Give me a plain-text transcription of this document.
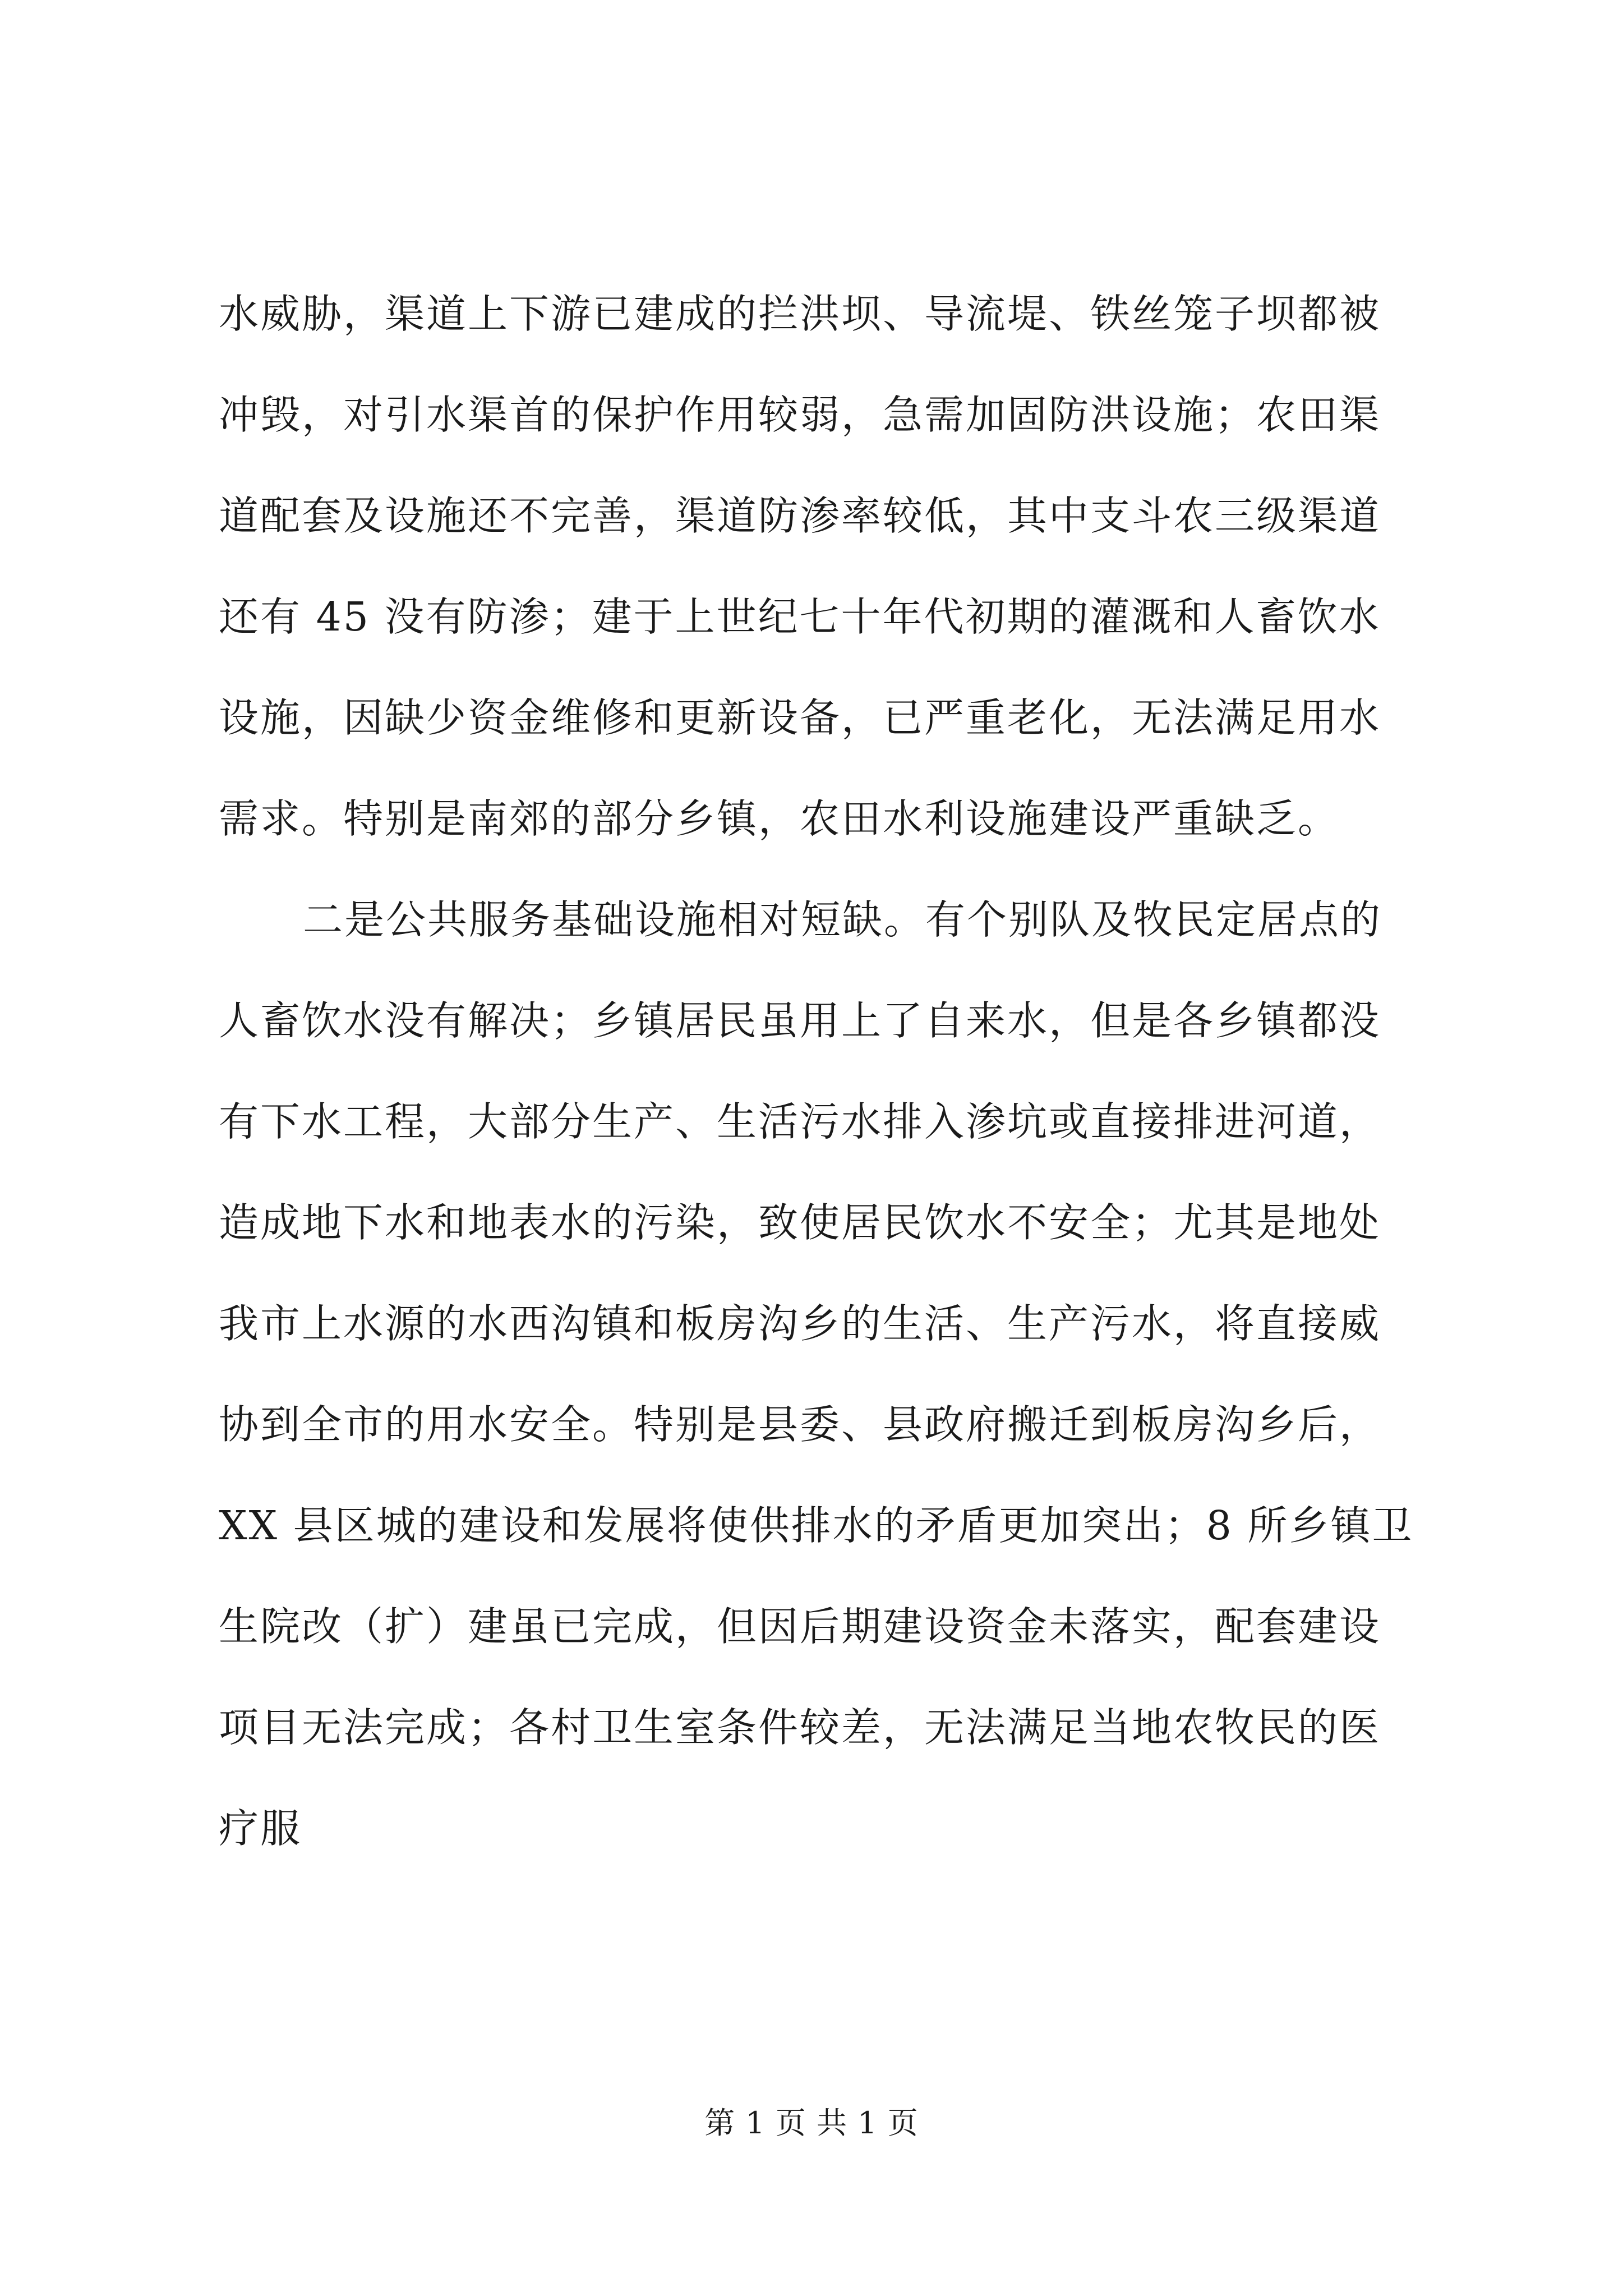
水威胁，渠道上下游已建成的拦洪坝、导流堤、铁丝笼子坝都被
冲毁，对引水渠首的保护作用较弱，急需加固防洪设施；农田渠
道配套及设施还不完善，渠道防渗率较低，其中支斗农三级渠道
还有 45 没有防渗；建于上世纪七十年代初期的灌溉和人畜饮水
设施，因缺少资金维修和更新设备，已严重老化，无法满足用水
需求。特别是南郊的部分乡镇，农田水利设施建设严重缺乏。
二是公共服务基础设施相对短缺。有个别队及牧民定居点的
人畜饮水没有解决；乡镇居民虽用上了自来水，但是各乡镇都没
有下水工程，大部分生产、生活污水排入渗坑或直接排进河道，
造成地下水和地表水的污染，致使居民饮水不安全；尤其是地处
我市上水源的水西沟镇和板房沟乡的生活、生产污水，将直接威
协到全市的用水安全。特别是县委、县政府搬迁到板房沟乡后，
XX 县区城的建设和发展将使供排水的矛盾更加突出；8 所乡镇卫
生院改（扩）建虽已完成，但因后期建设资金未落实，配套建设
项目无法完成；各村卫生室条件较差，无法满足当地农牧民的医
疗服
第 1 页 共 1 页
